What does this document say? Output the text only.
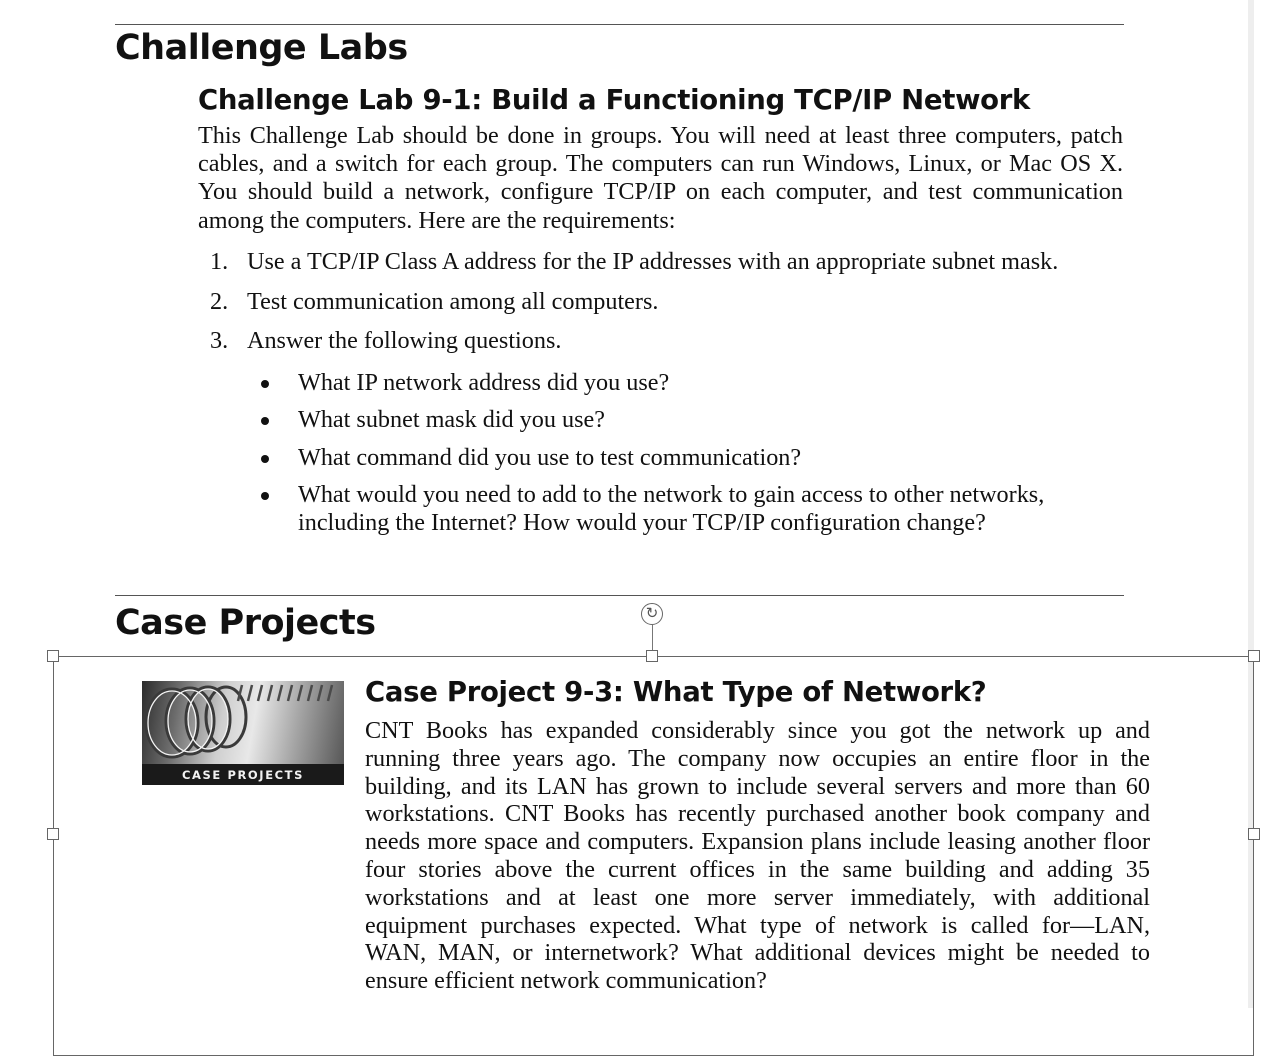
Challenge Labs
Challenge Lab 9-1: Build a Functioning TCP/IP Network

This Challenge Lab should be done in groups. You will need at least three computers, patch cables, and a switch for each group. The computers can run Windows, Linux, or Mac OS X. You should build a network, configure TCP/IP on each computer, and test communication among the computers. Here are the requirements:

1. Use a TCP/IP Class A address for the IP addresses with an appropriate subnet mask.
2. Test communication among all computers.
3. Answer the following questions.
What IP network address did you use?
What subnet mask did you use?
What command did you use to test communication?
What would you need to add to the network to gain access to other networks, including the Internet? How would your TCP/IP configuration change?
Case Projects	↻
CASE PROJECTS
Case Project 9-3: What Type of Network?

CNT Books has expanded considerably since you got the network up and running three years ago. The company now occupies an entire floor in the building, and its LAN has grown to include several servers and more than 60 workstations. CNT Books has recently purchased another book company and needs more space and computers. Expansion plans include leasing another floor four stories above the current offices in the same building and adding 35 workstations and at least one more server immediately, with additional equipment purchases expected. What type of network is called for—LAN, WAN, MAN, or internetwork? What additional devices might be needed to ensure efficient network communication?
